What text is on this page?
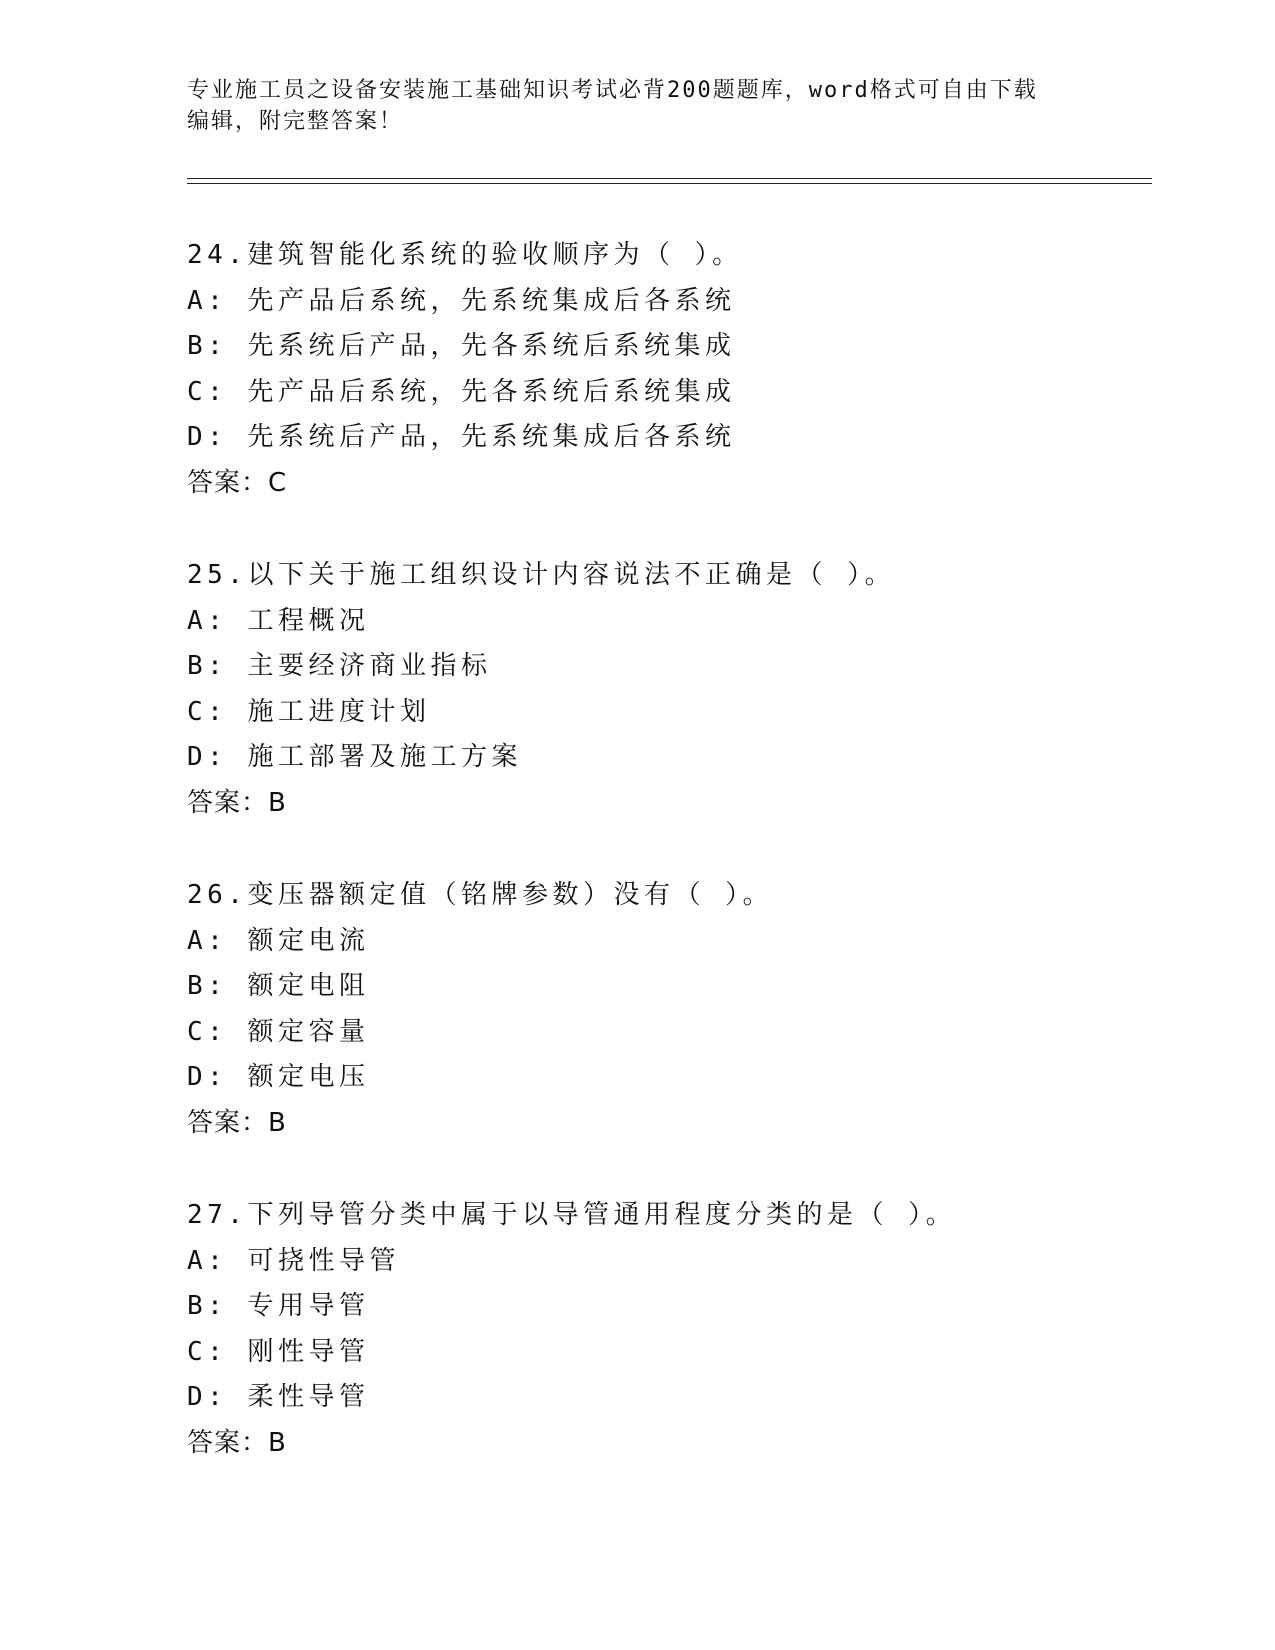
专业施工员之设备安装施工基础知识考试必背200题题库，word格式可自由下载
编辑，附完整答案！
24.建筑智能化系统的验收顺序为（ ）。
A: 先产品后系统，先系统集成后各系统
B: 先系统后产品，先各系统后系统集成
C: 先产品后系统，先各系统后系统集成
D: 先系统后产品，先系统集成后各系统
答案：C
25.以下关于施工组织设计内容说法不正确是（ ）。
A: 工程概况
B: 主要经济商业指标
C: 施工进度计划
D: 施工部署及施工方案
答案：B
26.变压器额定值（铭牌参数）没有（ ）。
A: 额定电流
B: 额定电阻
C: 额定容量
D: 额定电压
答案：B
27.下列导管分类中属于以导管通用程度分类的是（ ）。
A: 可挠性导管
B: 专用导管
C: 刚性导管
D: 柔性导管
答案：B
